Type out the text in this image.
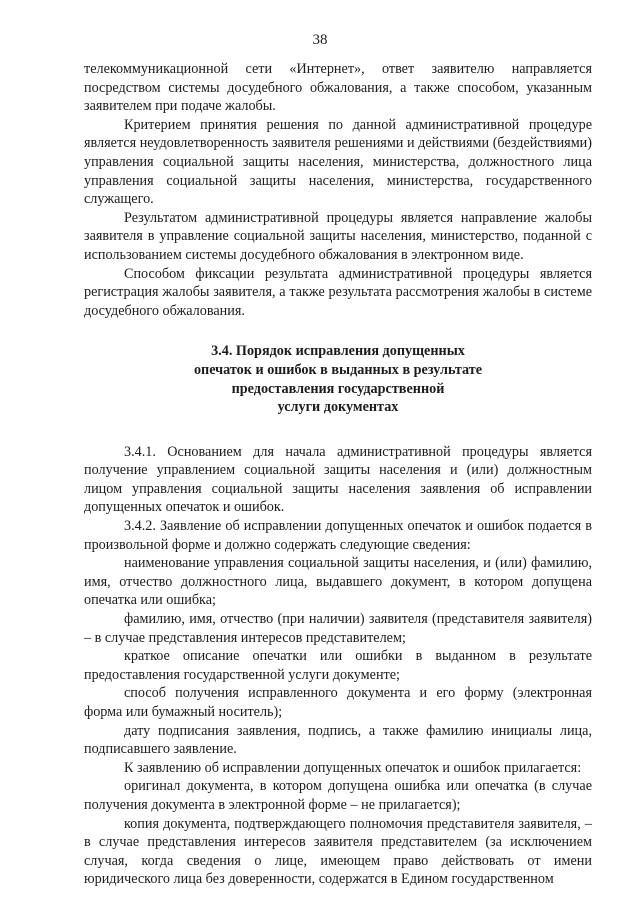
38

телекоммуникационной сети «Интернет», ответ заявителю направляется посредством системы досудебного обжалования, а также способом, указанным заявителем при подаче жалобы.

Критерием принятия решения по данной административной процедуре является неудовлетворенность заявителя решениями и действиями (бездействиями) управления социальной защиты населения, министерства, должностного лица управления социальной защиты населения, министерства, государственного служащего.

Результатом административной процедуры является направление жалобы заявителя в управление социальной защиты населения, министерство, поданной с использованием системы досудебного обжалования в электронном виде.

Способом фиксации результата административной процедуры является регистрация жалобы заявителя, а также результата рассмотрения жалобы в системе досудебного обжалования.

3.4. Порядок исправления допущенных
опечаток и ошибок в выданных в результате
предоставления государственной
услуги документах

3.4.1. Основанием для начала административной процедуры является получение управлением социальной защиты населения и (или) должностным лицом управления социальной защиты населения заявления об исправлении допущенных опечаток и ошибок.

3.4.2. Заявление об исправлении допущенных опечаток и ошибок подается в произвольной форме и должно содержать следующие сведения:

наименование управления социальной защиты населения, и (или) фамилию, имя, отчество должностного лица, выдавшего документ, в котором допущена опечатка или ошибка;

фамилию, имя, отчество (при наличии) заявителя (представителя заявителя) – в случае представления интересов представителем;

краткое описание опечатки или ошибки в выданном в результате предоставления государственной услуги документе;

способ получения исправленного документа и его форму (электронная форма или бумажный носитель);

дату подписания заявления, подпись, а также фамилию инициалы лица, подписавшего заявление.

К заявлению об исправлении допущенных опечаток и ошибок прилагается:

оригинал документа, в котором допущена ошибка или опечатка (в случае получения документа в электронной форме – не прилагается);

копия документа, подтверждающего полномочия представителя заявителя, – в случае представления интересов заявителя представителем (за исключением случая, когда сведения о лице, имеющем право действовать от имени юридического лица без доверенности, содержатся в Едином государственном
